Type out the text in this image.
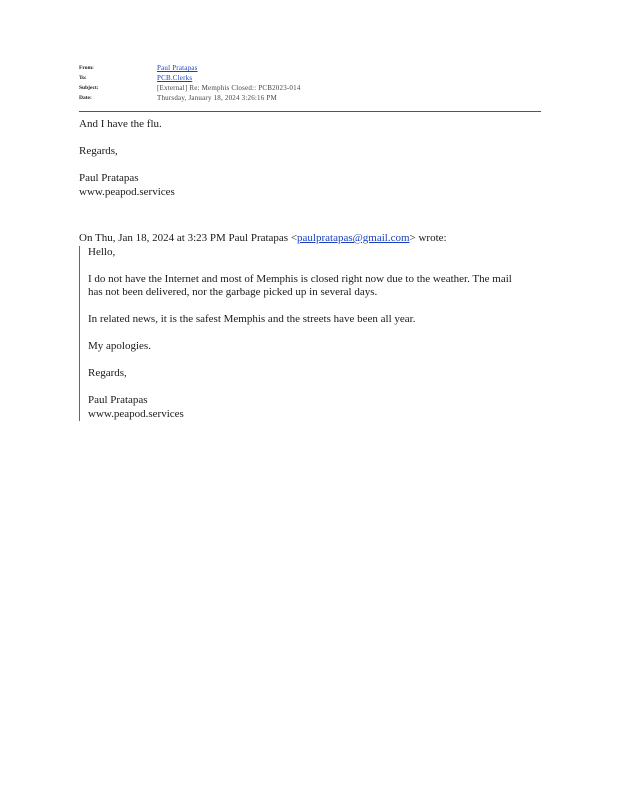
From:	Paul Pratapas
To:	PCB.Clerks
Subject:	[External] Re: Memphis Closed:: PCB2023-014
Date:	Thursday, January 18, 2024 3:26:16 PM

And I have the flu.

Regards,

Paul Pratapas

www.peapod.services

On Thu, Jan 18, 2024 at 3:23 PM Paul Pratapas <paulpratapas@gmail.com> wrote:

Hello,

I do not have the Internet and most of Memphis is closed right now due to the weather. The mail has not been delivered, nor the garbage picked up in several days.

In related news, it is the safest Memphis and the streets have been all year.

My apologies.

Regards,

Paul Pratapas

www.peapod.services
